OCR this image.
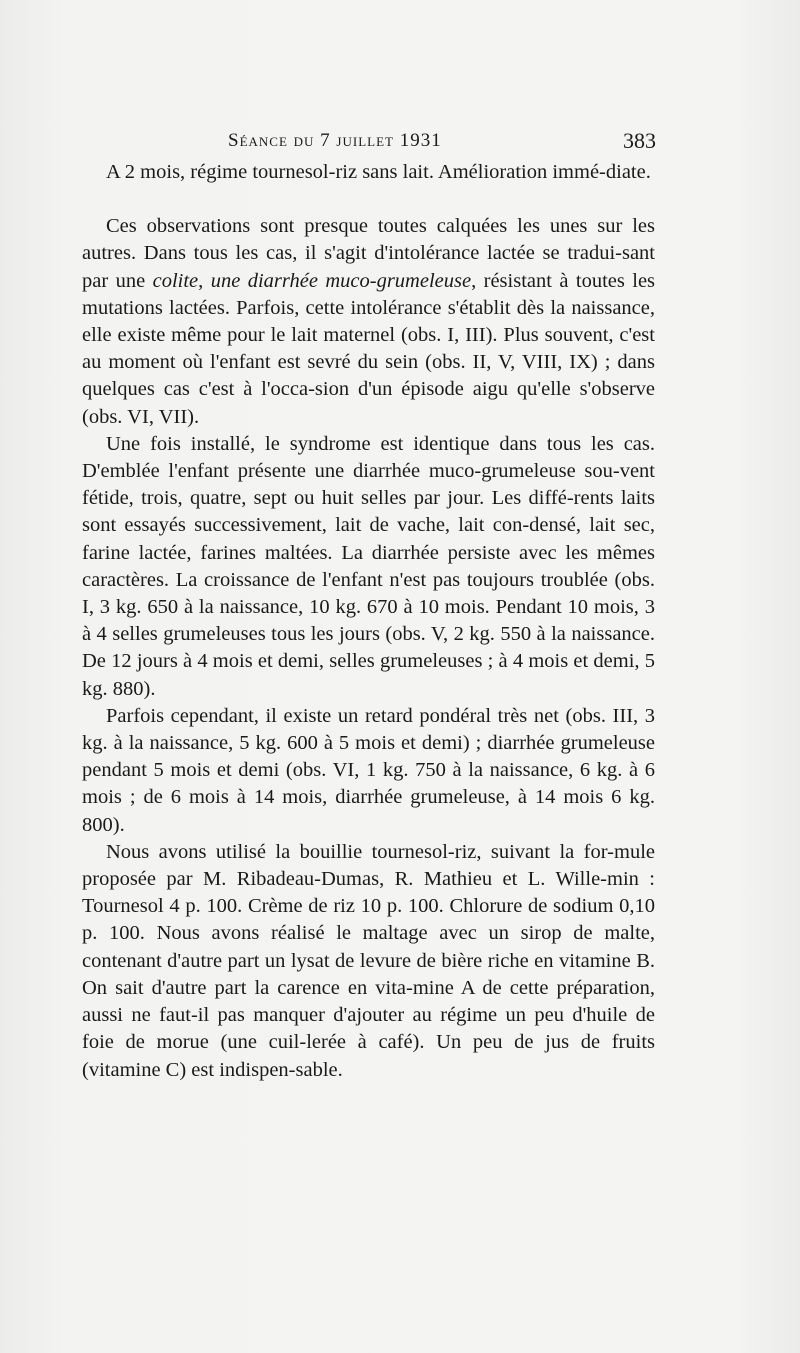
Séance du 7 juillet 1931	383

A 2 mois, régime tournesol-riz sans lait. Amélioration immé-diate.

Ces observations sont presque toutes calquées les unes sur les autres. Dans tous les cas, il s'agit d'intolérance lactée se tradui-sant par une colite, une diarrhée muco-grumeleuse, résistant à toutes les mutations lactées. Parfois, cette intolérance s'établit dès la naissance, elle existe même pour le lait maternel (obs. I, III). Plus souvent, c'est au moment où l'enfant est sevré du sein (obs. II, V, VIII, IX) ; dans quelques cas c'est à l'occa-sion d'un épisode aigu qu'elle s'observe (obs. VI, VII).

Une fois installé, le syndrome est identique dans tous les cas. D'emblée l'enfant présente une diarrhée muco-grumeleuse sou-vent fétide, trois, quatre, sept ou huit selles par jour. Les diffé-rents laits sont essayés successivement, lait de vache, lait con-densé, lait sec, farine lactée, farines maltées. La diarrhée persiste avec les mêmes caractères. La croissance de l'enfant n'est pas toujours troublée (obs. I, 3 kg. 650 à la naissance, 10 kg. 670 à 10 mois. Pendant 10 mois, 3 à 4 selles grumeleuses tous les jours (obs. V, 2 kg. 550 à la naissance. De 12 jours à 4 mois et demi, selles grumeleuses ; à 4 mois et demi, 5 kg. 880).

Parfois cependant, il existe un retard pondéral très net (obs. III, 3 kg. à la naissance, 5 kg. 600 à 5 mois et demi) ; diarrhée grumeleuse pendant 5 mois et demi (obs. VI, 1 kg. 750 à la naissance, 6 kg. à 6 mois ; de 6 mois à 14 mois, diarrhée grumeleuse, à 14 mois 6 kg. 800).

Nous avons utilisé la bouillie tournesol-riz, suivant la for-mule proposée par M. Ribadeau-Dumas, R. Mathieu et L. Wille-min : Tournesol 4 p. 100. Crème de riz 10 p. 100. Chlorure de sodium 0,10 p. 100. Nous avons réalisé le maltage avec un sirop de malte, contenant d'autre part un lysat de levure de bière riche en vitamine B. On sait d'autre part la carence en vita-mine A de cette préparation, aussi ne faut-il pas manquer d'ajouter au régime un peu d'huile de foie de morue (une cuil-lerée à café). Un peu de jus de fruits (vitamine C) est indispen-sable.
